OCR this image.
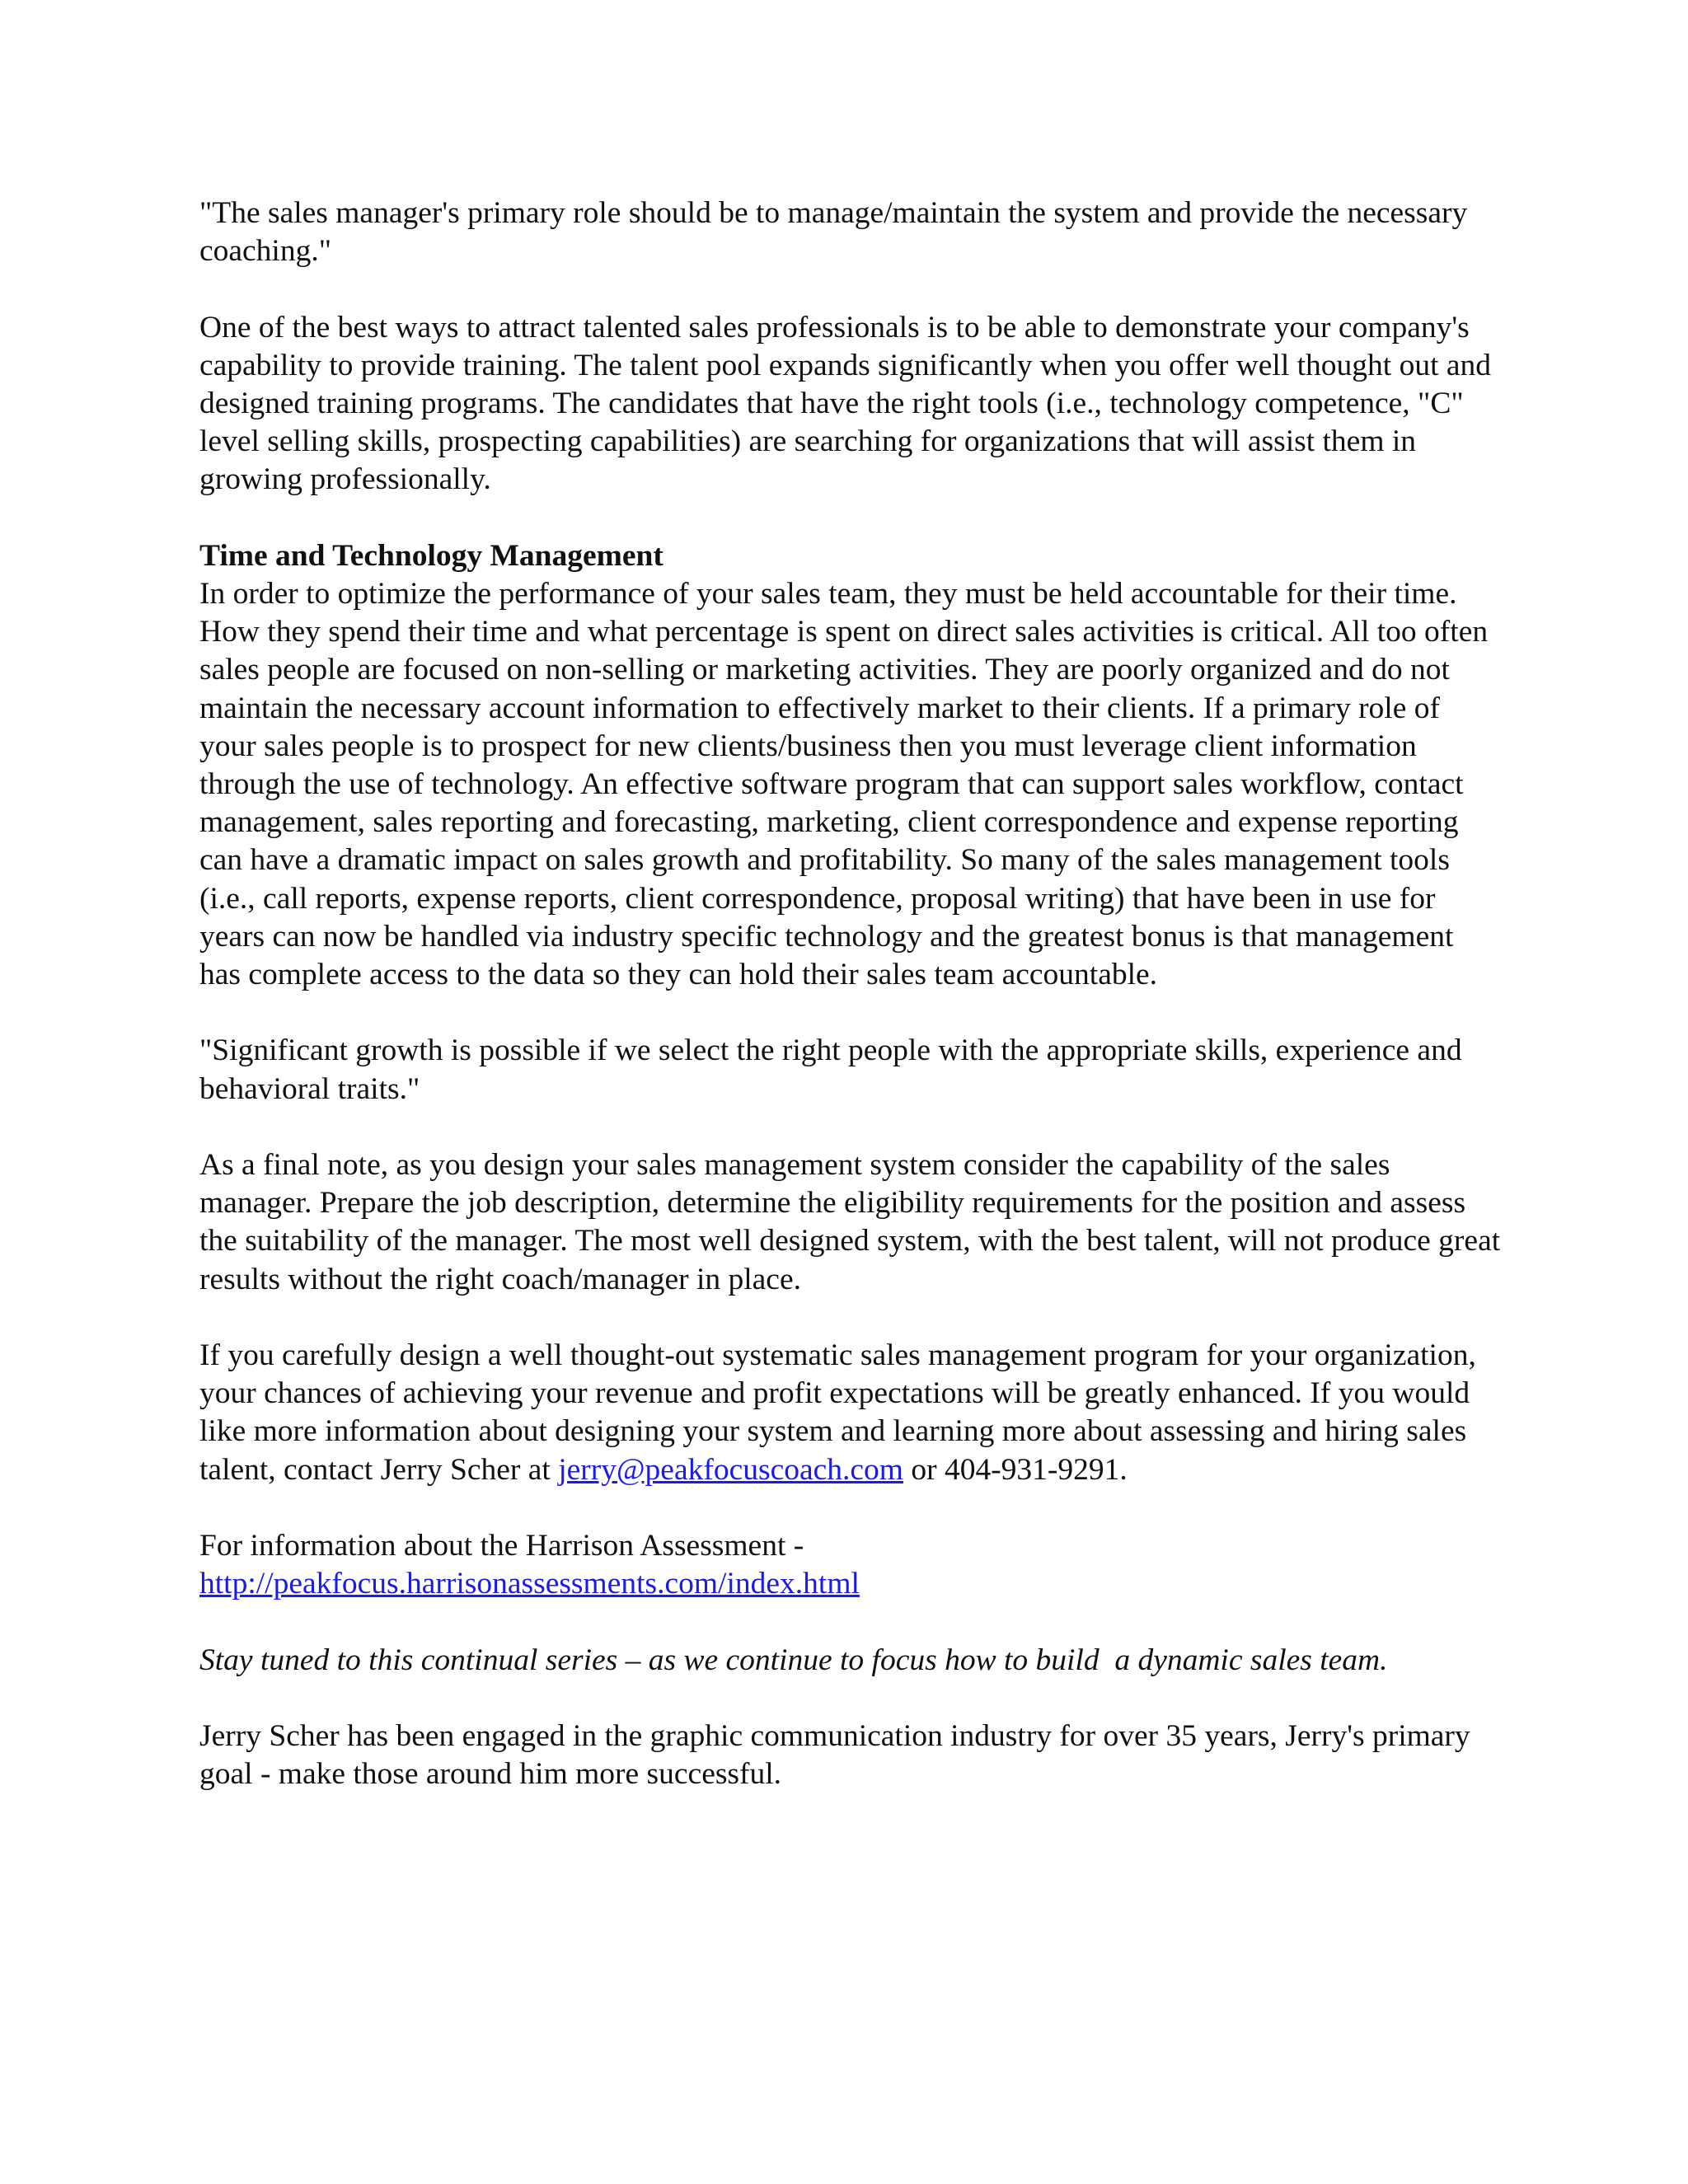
"The sales manager's primary role should be to manage/maintain the system and provide the necessary coaching."

One of the best ways to attract talented sales professionals is to be able to demonstrate your company's capability to provide training. The talent pool expands significantly when you offer well thought out and designed training programs. The candidates that have the right tools (i.e., technology competence, "C" level selling skills, prospecting capabilities) are searching for organizations that will assist them in growing professionally.

Time and Technology Management
In order to optimize the performance of your sales team, they must be held accountable for their time. How they spend their time and what percentage is spent on direct sales activities is critical. All too often sales people are focused on non-selling or marketing activities. They are poorly organized and do not maintain the necessary account information to effectively market to their clients. If a primary role of your sales people is to prospect for new clients/business then you must leverage client information through the use of technology. An effective software program that can support sales workflow, contact management, sales reporting and forecasting, marketing, client correspondence and expense reporting can have a dramatic impact on sales growth and profitability. So many of the sales management tools (i.e., call reports, expense reports, client correspondence, proposal writing) that have been in use for years can now be handled via industry specific technology and the greatest bonus is that management has complete access to the data so they can hold their sales team accountable.

"Significant growth is possible if we select the right people with the appropriate skills, experience and behavioral traits."

As a final note, as you design your sales management system consider the capability of the sales manager. Prepare the job description, determine the eligibility requirements for the position and assess the suitability of the manager. The most well designed system, with the best talent, will not produce great results without the right coach/manager in place.

If you carefully design a well thought-out systematic sales management program for your organization, your chances of achieving your revenue and profit expectations will be greatly enhanced. If you would like more information about designing your system and learning more about assessing and hiring sales talent, contact Jerry Scher at jerry@peakfocuscoach.com or 404-931-9291.

For information about the Harrison Assessment -
http://peakfocus.harrisonassessments.com/index.html

Stay tuned to this continual series – as we continue to focus how to build  a dynamic sales team.

Jerry Scher has been engaged in the graphic communication industry for over 35 years, Jerry's primary goal - make those around him more successful.
